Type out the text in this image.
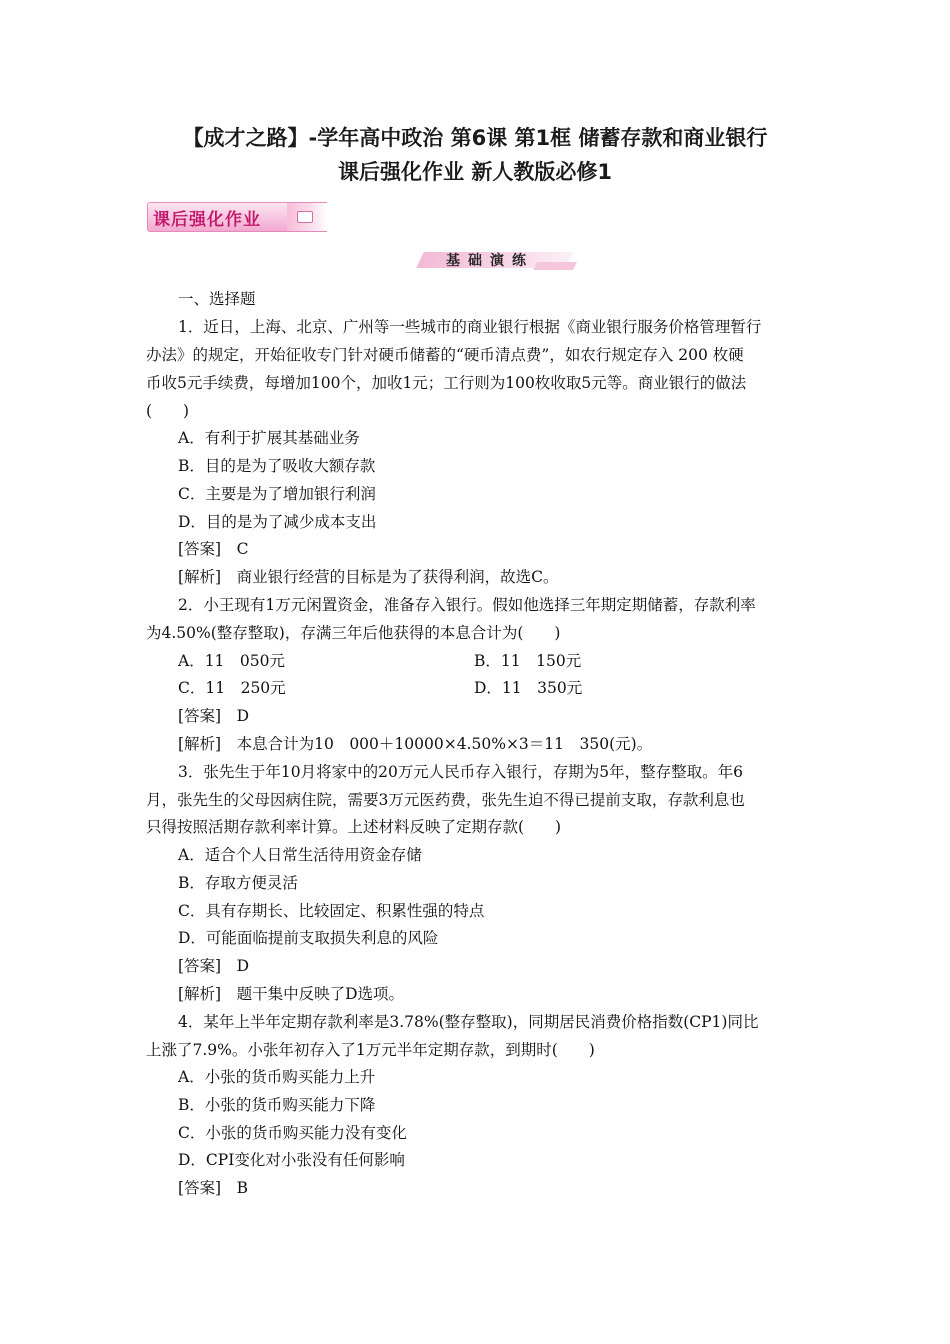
【成才之路】-学年高中政治 第6课 第1框 储蓄存款和商业银行
课后强化作业 新人教版必修1
课后强化作业
基础演练
一、选择题
1．近日，上海、北京、广州等一些城市的商业银行根据《商业银行服务价格管理暂行
办法》的规定，开始征收专门针对硬币储蓄的“硬币清点费”，如农行规定存入 200 枚硬
币收5元手续费，每增加100个，加收1元；工行则为100枚收取5元等。商业银行的做法
(　　)
A．有利于扩展其基础业务
B．目的是为了吸收大额存款
C．主要是为了增加银行利润
D．目的是为了减少成本支出
[答案]　C
[解析]　商业银行经营的目标是为了获得利润，故选C。
2．小王现有1万元闲置资金，准备存入银行。假如他选择三年期定期储蓄，存款利率
为4.50%(整存整取)，存满三年后他获得的本息合计为(　　)
A．11　050元	B．11　150元
C．11　250元	D．11　350元
[答案]　D
[解析]　本息合计为10　000＋10000×4.50%×3＝11　350(元)。
3．张先生于年10月将家中的20万元人民币存入银行，存期为5年，整存整取。年6
月，张先生的父母因病住院，需要3万元医药费，张先生迫不得已提前支取，存款利息也
只得按照活期存款利率计算。上述材料反映了定期存款(　　)
A．适合个人日常生活待用资金存储
B．存取方便灵活
C．具有存期长、比较固定、积累性强的特点
D．可能面临提前支取损失利息的风险
[答案]　D
[解析]　题干集中反映了D选项。
4．某年上半年定期存款利率是3.78%(整存整取)，同期居民消费价格指数(CP1)同比
上涨了7.9%。小张年初存入了1万元半年定期存款，到期时(　　)
A．小张的货币购买能力上升
B．小张的货币购买能力下降
C．小张的货币购买能力没有变化
D．CPI变化对小张没有任何影响
[答案]　B
